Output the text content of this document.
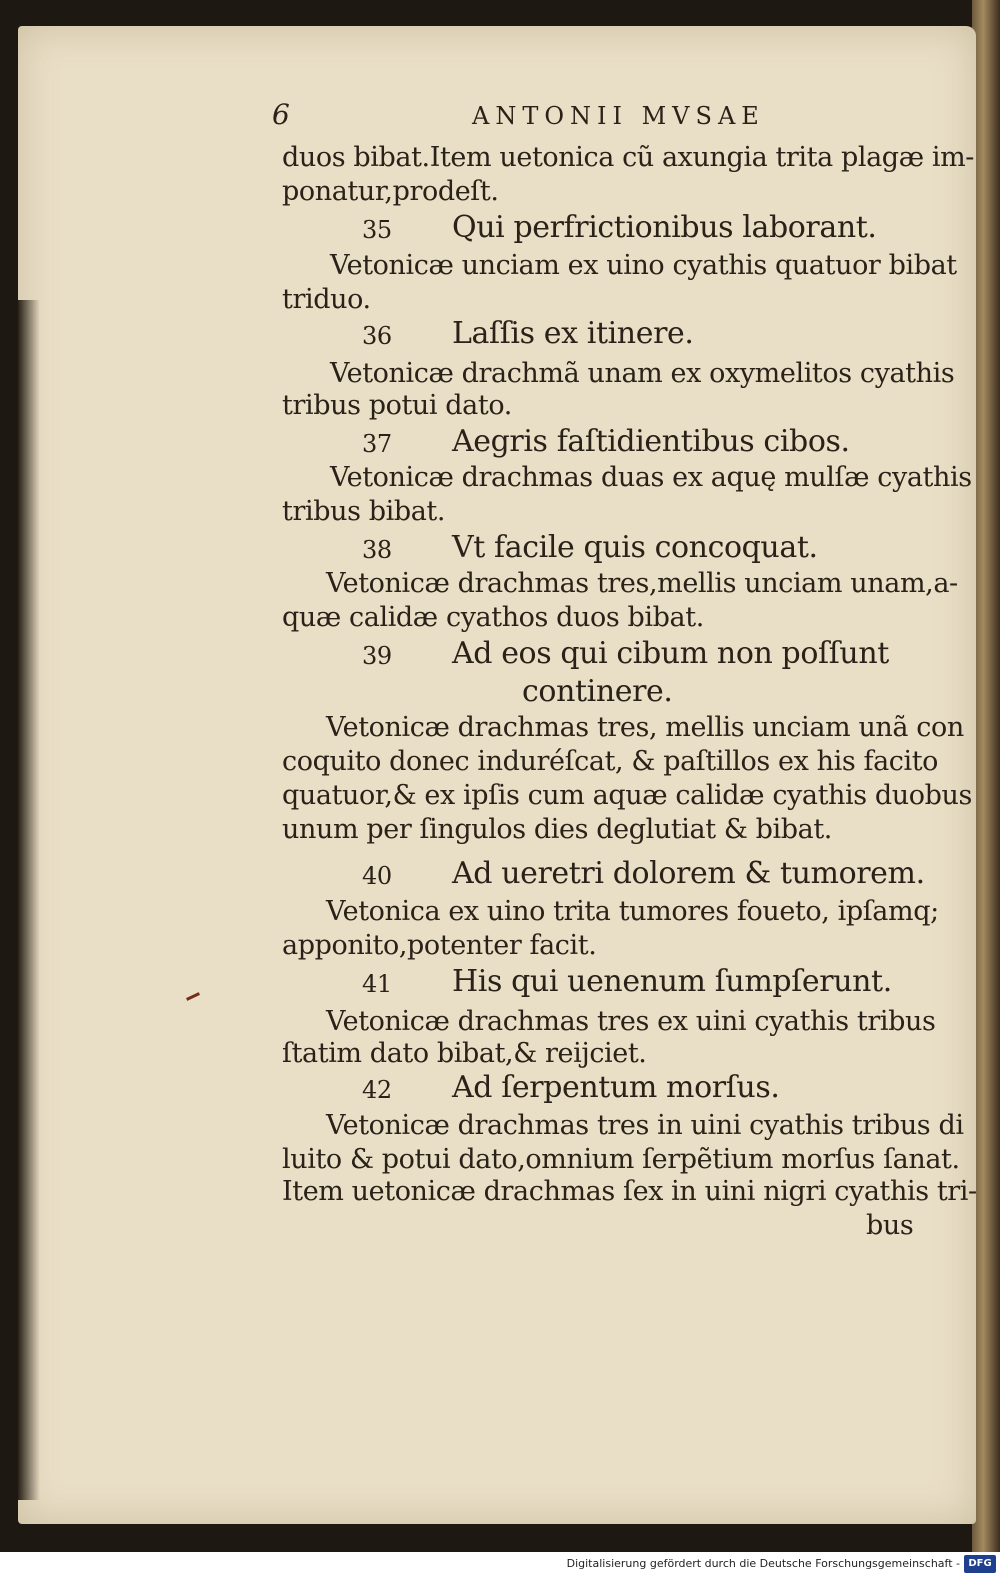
6	ANTONII MVSAE
duos bibat.Item uetonica cũ axungia trita plagæ im-
ponatur,prodeſt.
35 Qui perfrictionibus laborant.
Vetonicæ unciam ex uino cyathis quatuor bibat
triduo.
36 Laſſis ex itinere.
Vetonicæ drachmã unam ex oxymelitos cyathis
tribus potui dato.
37 Aegris faſtidientibus cibos.
Vetonicæ drachmas duas ex aquę mulſæ cyathis
tribus bibat.
38 Vt facile quis concoquat.
Vetonicæ drachmas tres,mellis unciam unam,a-
quæ calidæ cyathos duos bibat.
39 Ad eos qui cibum non poſſunt
continere.
Vetonicæ drachmas tres, mellis unciam unã con
coquito donec induréſcat, & paſtillos ex his facito
quatuor,& ex ipſis cum aquæ calidæ cyathis duobus
unum per ſingulos dies deglutiat & bibat.
40 Ad ueretri dolorem & tumorem.
Vetonica ex uino trita tumores foueto, ipſamq;
apponito,potenter facit.
41 His qui uenenum ſumpſerunt.
Vetonicæ drachmas tres ex uini cyathis tribus
ſtatim dato bibat,& reijciet.
42 Ad ſerpentum morſus.
Vetonicæ drachmas tres in uini cyathis tribus di
luito & potui dato,omnium ſerpẽtium morſus ſanat.
Item uetonicæ drachmas ſex in uini nigri cyathis tri-
bus
Digitalisierung gefördert durch die Deutsche Forschungsgemeinschaft - DFG
